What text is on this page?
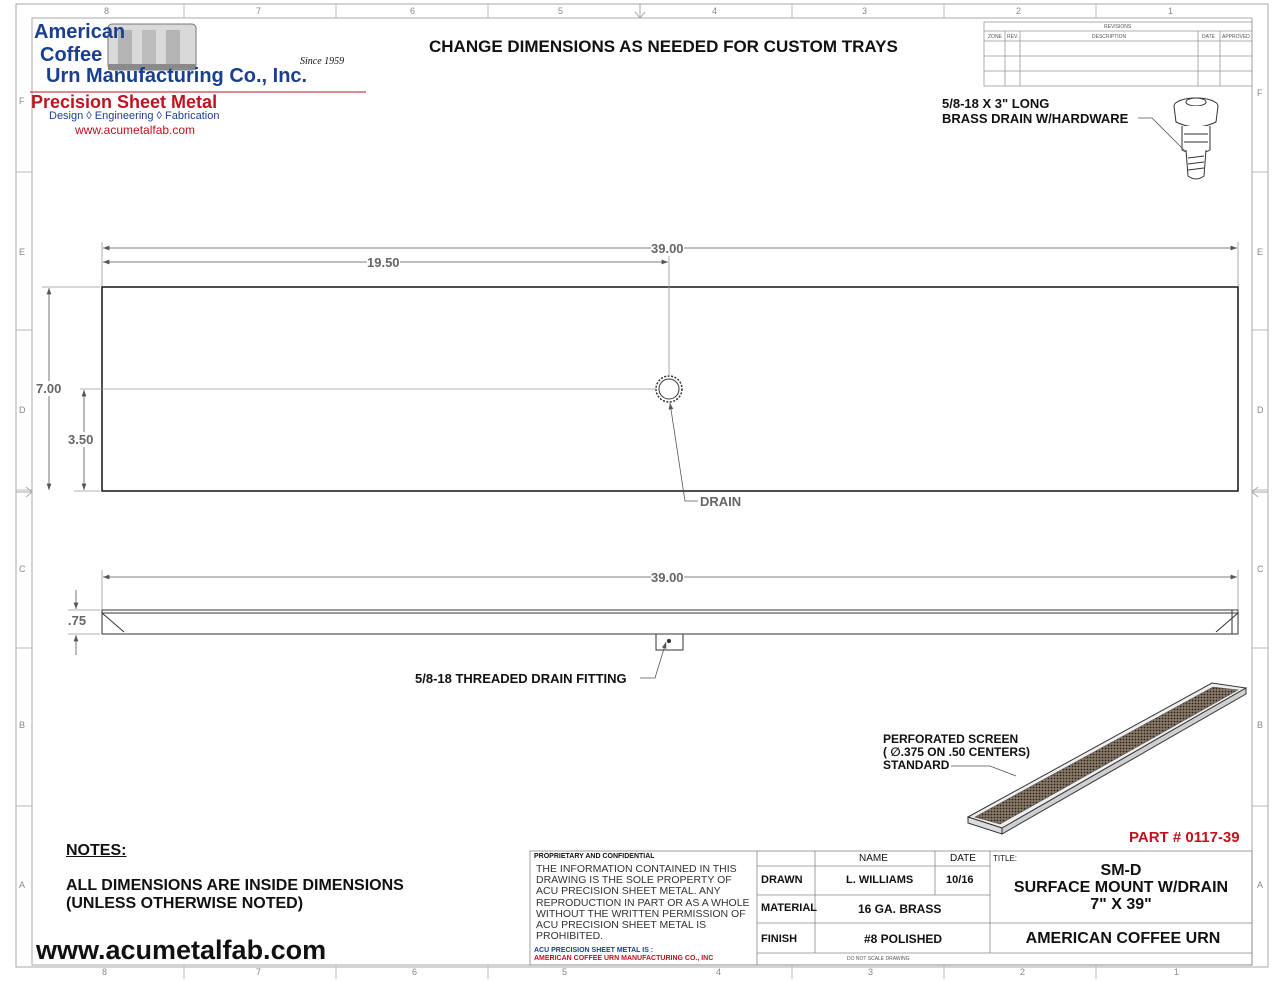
8	7	6	5	4	3	2	1
8	7	6	5	4	3	2	1
F
E
D
C
B
A
F
E
D
C
B
A
REVISIONS
ZONE REV.	DESCRIPTION	DATE APPROVED
American
Coffee
Urn Manufacturing Co., Inc.
Since 1959
Precision Sheet Metal
Design ◊ Engineering ◊ Fabrication
www.acumetalfab.com
CHANGE DIMENSIONS AS NEEDED FOR CUSTOM TRAYS
5/8-18 X 3" LONG
BRASS DRAIN W/HARDWARE
39.00
19.50
7.00
3.50
DRAIN
39.00
.75
5/8-18 THREADED DRAIN FITTING
PERFORATED SCREEN
( ∅.375 ON .50 CENTERS)
STANDARD
PART # 0117-39
NOTES:
ALL DIMENSIONS ARE INSIDE DIMENSIONS
(UNLESS OTHERWISE NOTED)
www.acumetalfab.com
PROPRIETARY AND CONFIDENTIAL
THE INFORMATION CONTAINED IN THIS DRAWING IS THE SOLE PROPERTY OF ACU PRECISION SHEET METAL. ANY REPRODUCTION IN PART OR AS A WHOLE WITHOUT THE WRITTEN PERMISSION OF ACU PRECISION SHEET METAL IS PROHIBITED.
ACU PRECISION SHEET METAL IS :
AMERICAN COFFEE URN MANUFACTURING CO., INC
NAME	DATE
DRAWN	L. WILLIAMS	10/16
MATERIAL	16 GA. BRASS
FINISH	#8 POLISHED
DO NOT SCALE DRAWING
TITLE:
SM-D
SURFACE MOUNT W/DRAIN
7" X 39"
AMERICAN COFFEE URN
